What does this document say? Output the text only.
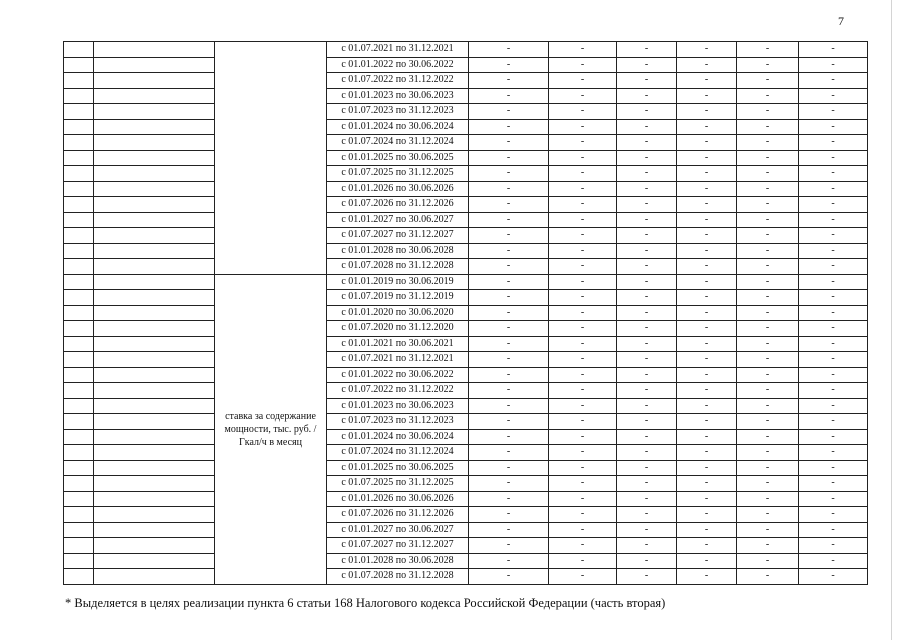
7
			с 01.07.2021 по 31.12.2021	-	-	-	-	-	-
			с 01.01.2022 по 30.06.2022	-	-	-	-	-	-
			с 01.07.2022 по 31.12.2022	-	-	-	-	-	-
			с 01.01.2023 по 30.06.2023	-	-	-	-	-	-
			с 01.07.2023 по 31.12.2023	-	-	-	-	-	-
			с 01.01.2024 по 30.06.2024	-	-	-	-	-	-
			с 01.07.2024 по 31.12.2024	-	-	-	-	-	-
			с 01.01.2025 по 30.06.2025	-	-	-	-	-	-
			с 01.07.2025 по 31.12.2025	-	-	-	-	-	-
			с 01.01.2026 по 30.06.2026	-	-	-	-	-	-
			с 01.07.2026 по 31.12.2026	-	-	-	-	-	-
			с 01.01.2027 по 30.06.2027	-	-	-	-	-	-
			с 01.07.2027 по 31.12.2027	-	-	-	-	-	-
			с 01.01.2028 по 30.06.2028	-	-	-	-	-	-
			с 01.07.2028 по 31.12.2028	-	-	-	-	-	-
		ставка за содержание мощности, тыс. руб. /Гкал/ч в месяц	с 01.01.2019 по 30.06.2019	-	-	-	-	-	-
			с 01.07.2019 по 31.12.2019	-	-	-	-	-	-
			с 01.01.2020 по 30.06.2020	-	-	-	-	-	-
			с 01.07.2020 по 31.12.2020	-	-	-	-	-	-
			с 01.01.2021 по 30.06.2021	-	-	-	-	-	-
			с 01.07.2021 по 31.12.2021	-	-	-	-	-	-
			с 01.01.2022 по 30.06.2022	-	-	-	-	-	-
			с 01.07.2022 по 31.12.2022	-	-	-	-	-	-
			с 01.01.2023 по 30.06.2023	-	-	-	-	-	-
			с 01.07.2023 по 31.12.2023	-	-	-	-	-	-
			с 01.01.2024 по 30.06.2024	-	-	-	-	-	-
			с 01.07.2024 по 31.12.2024	-	-	-	-	-	-
			с 01.01.2025 по 30.06.2025	-	-	-	-	-	-
			с 01.07.2025 по 31.12.2025	-	-	-	-	-	-
			с 01.01.2026 по 30.06.2026	-	-	-	-	-	-
			с 01.07.2026 по 31.12.2026	-	-	-	-	-	-
			с 01.01.2027 по 30.06.2027	-	-	-	-	-	-
			с 01.07.2027 по 31.12.2027	-	-	-	-	-	-
			с 01.01.2028 по 30.06.2028	-	-	-	-	-	-
			с 01.07.2028 по 31.12.2028	-	-	-	-	-	-
* Выделяется в целях реализации пункта 6 статьи 168 Налогового кодекса Российской Федерации (часть вторая)
